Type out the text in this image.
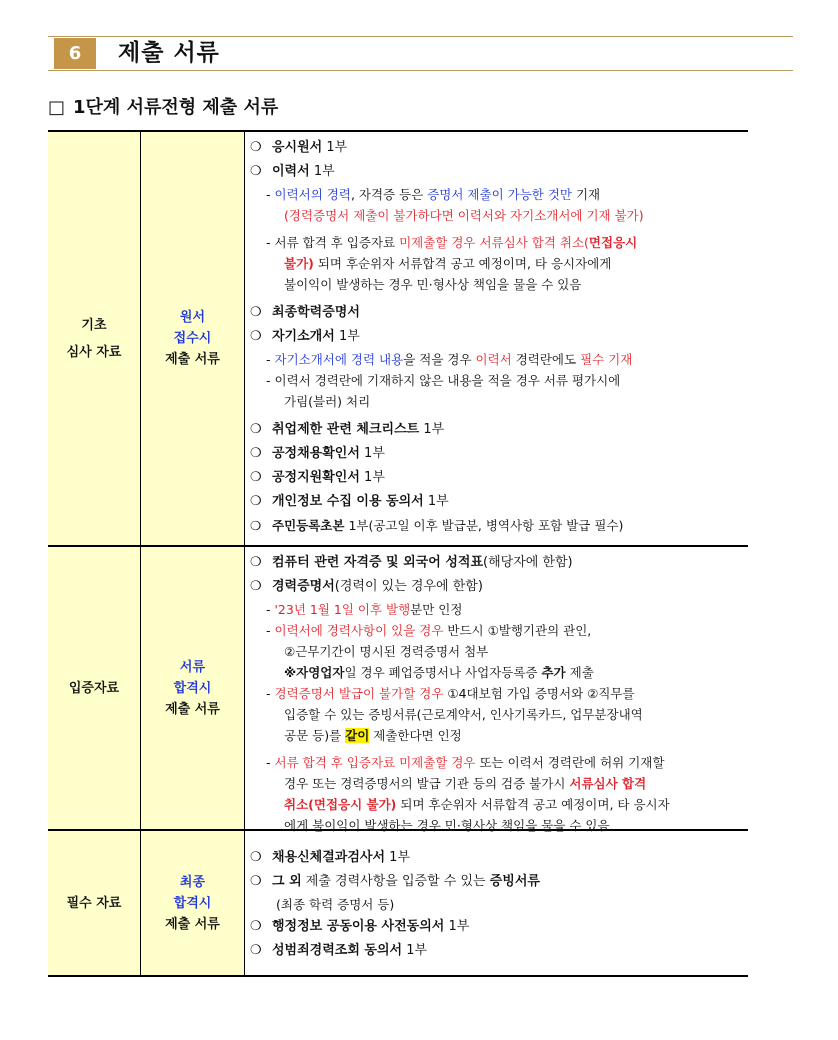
6	제출 서류
□ 1단계 서류전형 제출 서류
기초
심사 자료
원서
접수시
제출 서류
❍ 응시원서 1부
❍ 이력서 1부
- 이력서의 경력, 자격증 등은 증명서 제출이 가능한 것만 기재
(경력증명서 제출이 불가하다면 이력서와 자기소개서에 기재 불가)
- 서류 합격 후 입증자료 미제출할 경우 서류심사 합격 취소(면접응시
불가) 되며 후순위자 서류합격 공고 예정이며, 타 응시자에게
불이익이 발생하는 경우 민·형사상 책임을 물을 수 있음
❍ 최종학력증명서
❍ 자기소개서 1부
- 자기소개서에 경력 내용을 적을 경우 이력서 경력란에도 필수 기재
- 이력서 경력란에 기재하지 않은 내용을 적을 경우 서류 평가시에
가림(블러) 처리
❍ 취업제한 관련 체크리스트 1부
❍ 공정채용확인서 1부
❍ 공정지원확인서 1부
❍ 개인정보 수집 이용 동의서 1부
❍ 주민등록초본 1부(공고일 이후 발급분, 병역사항 포함 발급 필수)
입증자료
서류
합격시
제출 서류
❍ 컴퓨터 관련 자격증 및 외국어 성적표(해당자에 한함)
❍ 경력증명서(경력이 있는 경우에 한함)
- '23년 1월 1일 이후 발행분만 인정
- 이력서에 경력사항이 있을 경우 반드시 ①발행기관의 관인,
②근무기간이 명시된 경력증명서 첨부
※자영업자일 경우 폐업증명서나 사업자등록증 추가 제출
- 경력증명서 발급이 불가할 경우 ①4대보험 가입 증명서와 ②직무를
입증할 수 있는 증빙서류(근로계약서, 인사기록카드, 업무분장내역
공문 등)를 같이 제출한다면 인정
- 서류 합격 후 입증자료 미제출할 경우 또는 이력서 경력란에 허위 기재할
경우 또는 경력증명서의 발급 기관 등의 검증 불가시 서류심사 합격
취소(면접응시 불가) 되며 후순위자 서류합격 공고 예정이며, 타 응시자
에게 불이익이 발생하는 경우 민·형사상 책임을 물을 수 있음
필수 자료
최종
합격시
제출 서류
❍ 채용신체결과검사서 1부
❍ 그 외 제출 경력사항을 입증할 수 있는 증빙서류
(최종 학력 증명서 등)
❍ 행정정보 공동이용 사전동의서 1부
❍ 성범죄경력조회 동의서 1부
